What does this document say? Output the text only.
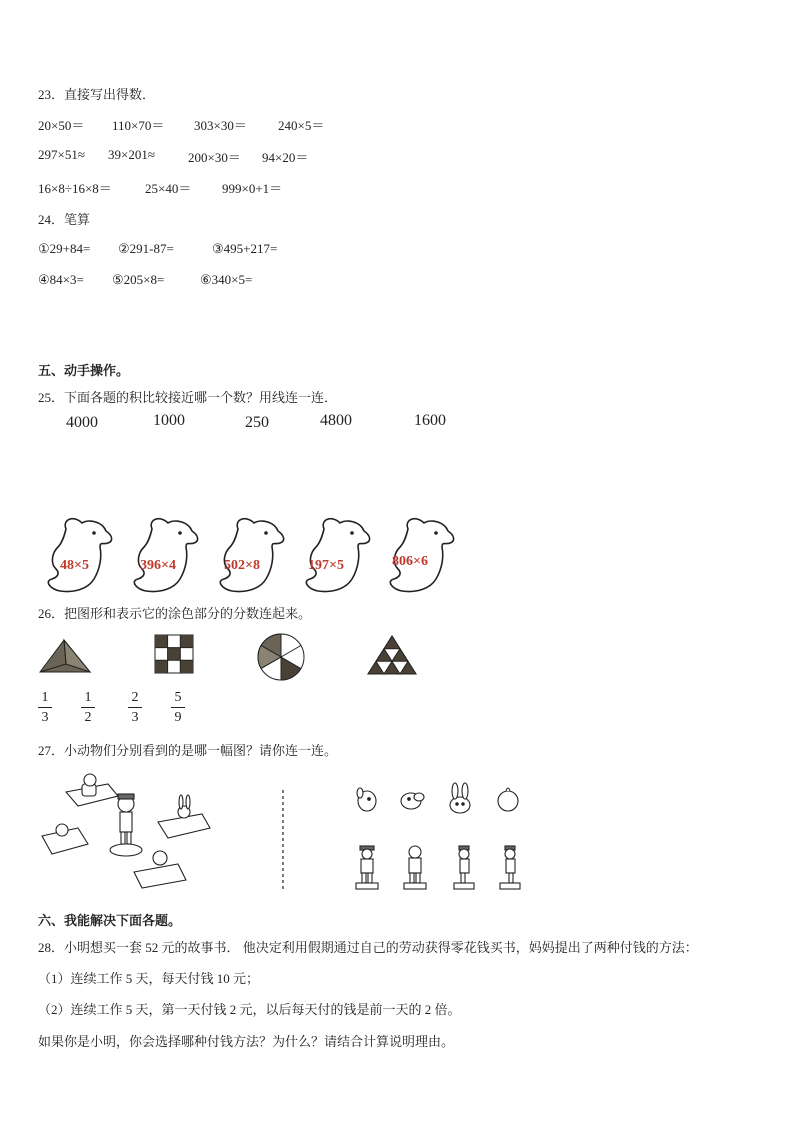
23．直接写出得数．
20×50＝ 110×70＝ 303×30＝ 240×5＝
297×51≈ 39×201≈	200×30＝ 94×20＝
16×8÷16×8＝	25×40＝ 999×0+1＝
24．笔算
①29+84= ②291-87=	③495+217=
④84×3= ⑤205×8=	⑥340×5=
五、动手操作。
25．下面各题的积比较接近哪一个数？用线连一连．
4000	1000	250	4800	1600
48×5	396×4	502×8	197×5	806×6
26．把图形和表示它的涂色部分的分数连起来。
1
3
1
2
2
3
5
9
27．小动物们分别看到的是哪一幅图？请你连一连。
六、我能解决下面各题。
28．小明想买一套 52 元的故事书． 他决定利用假期通过自己的劳动获得零花钱买书，妈妈提出了两种付钱的方法：
（1）连续工作 5 天，每天付钱 10 元；
（2）连续工作 5 天，第一天付钱 2 元，以后每天付的钱是前一天的 2 倍。
如果你是小明，你会选择哪种付钱方法？为什么？请结合计算说明理由。
